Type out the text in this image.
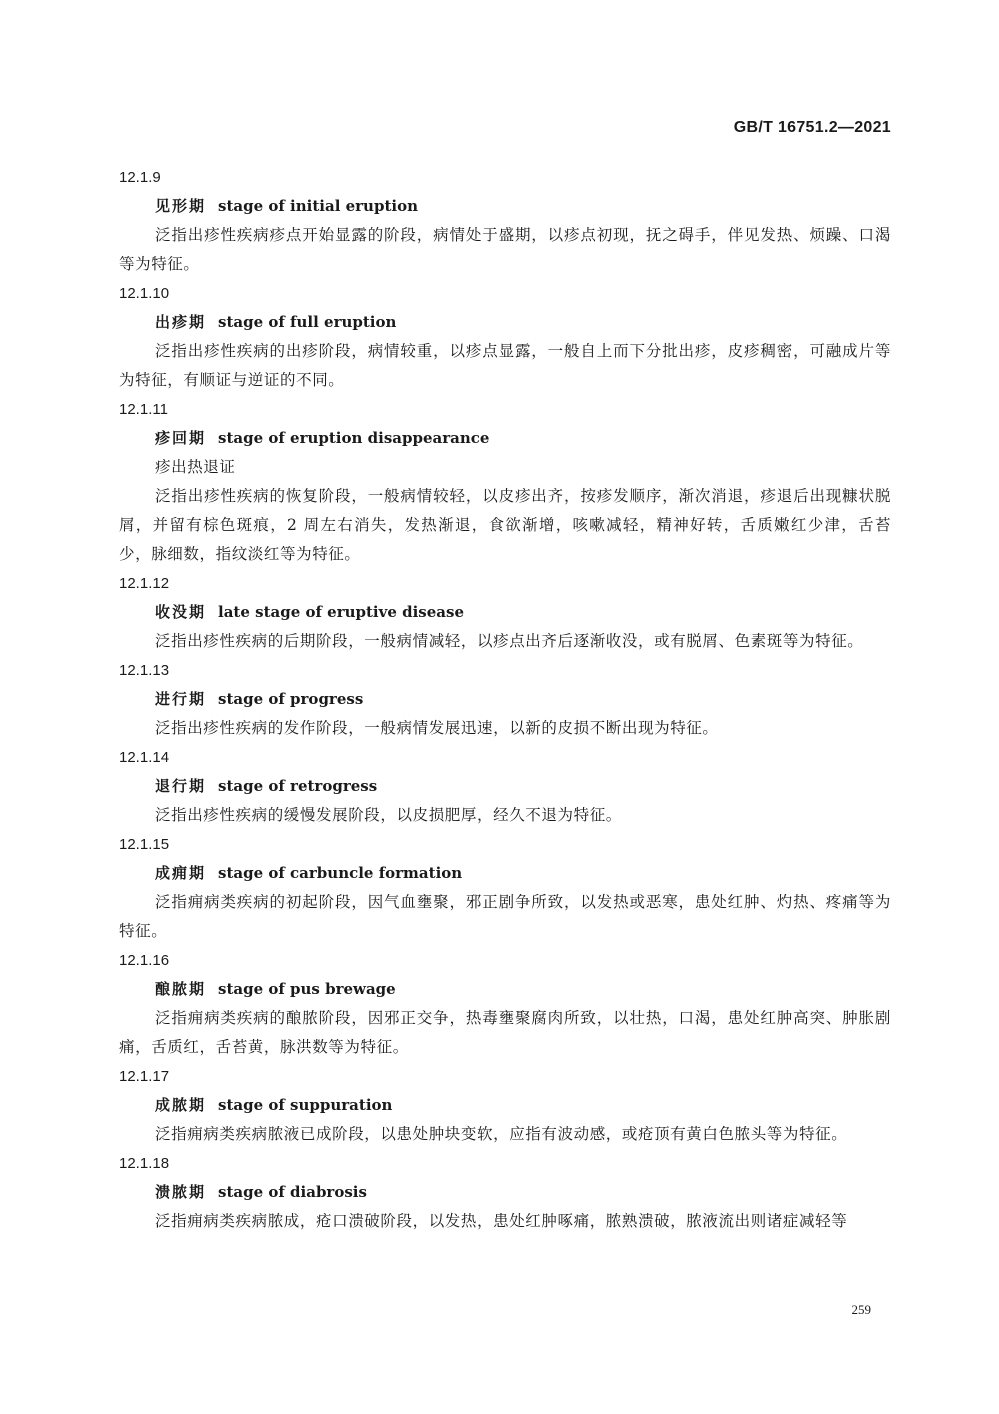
GB/T 16751.2—2021
12.1.9
见形期 stage of initial eruption
泛指出疹性疾病疹点开始显露的阶段，病情处于盛期，以疹点初现，抚之碍手，伴见发热、烦躁、口渴等为特征。
12.1.10
出疹期 stage of full eruption
泛指出疹性疾病的出疹阶段，病情较重，以疹点显露，一般自上而下分批出疹，皮疹稠密，可融成片等为特征，有顺证与逆证的不同。
12.1.11
疹回期 stage of eruption disappearance
疹出热退证
泛指出疹性疾病的恢复阶段，一般病情较轻，以皮疹出齐，按疹发顺序，渐次消退，疹退后出现糠状脱屑，并留有棕色斑痕，2 周左右消失，发热渐退，食欲渐增，咳嗽减轻，精神好转，舌质嫩红少津，舌苔少，脉细数，指纹淡红等为特征。
12.1.12
收没期 late stage of eruptive disease
泛指出疹性疾病的后期阶段，一般病情减轻，以疹点出齐后逐渐收没，或有脱屑、色素斑等为特征。
12.1.13
进行期 stage of progress
泛指出疹性疾病的发作阶段，一般病情发展迅速，以新的皮损不断出现为特征。
12.1.14
退行期 stage of retrogress
泛指出疹性疾病的缓慢发展阶段，以皮损肥厚，经久不退为特征。
12.1.15
成痈期 stage of carbuncle formation
泛指痈病类疾病的初起阶段，因气血壅聚，邪正剧争所致，以发热或恶寒，患处红肿、灼热、疼痛等为特征。
12.1.16
酿脓期 stage of pus brewage
泛指痈病类疾病的酿脓阶段，因邪正交争，热毒壅聚腐肉所致，以壮热，口渴，患处红肿高突、肿胀剧痛，舌质红，舌苔黄，脉洪数等为特征。
12.1.17
成脓期 stage of suppuration
泛指痈病类疾病脓液已成阶段，以患处肿块变软，应指有波动感，或疮顶有黄白色脓头等为特征。
12.1.18
溃脓期 stage of diabrosis
泛指痈病类疾病脓成，疮口溃破阶段，以发热，患处红肿啄痛，脓熟溃破，脓液流出则诸症减轻等
259
